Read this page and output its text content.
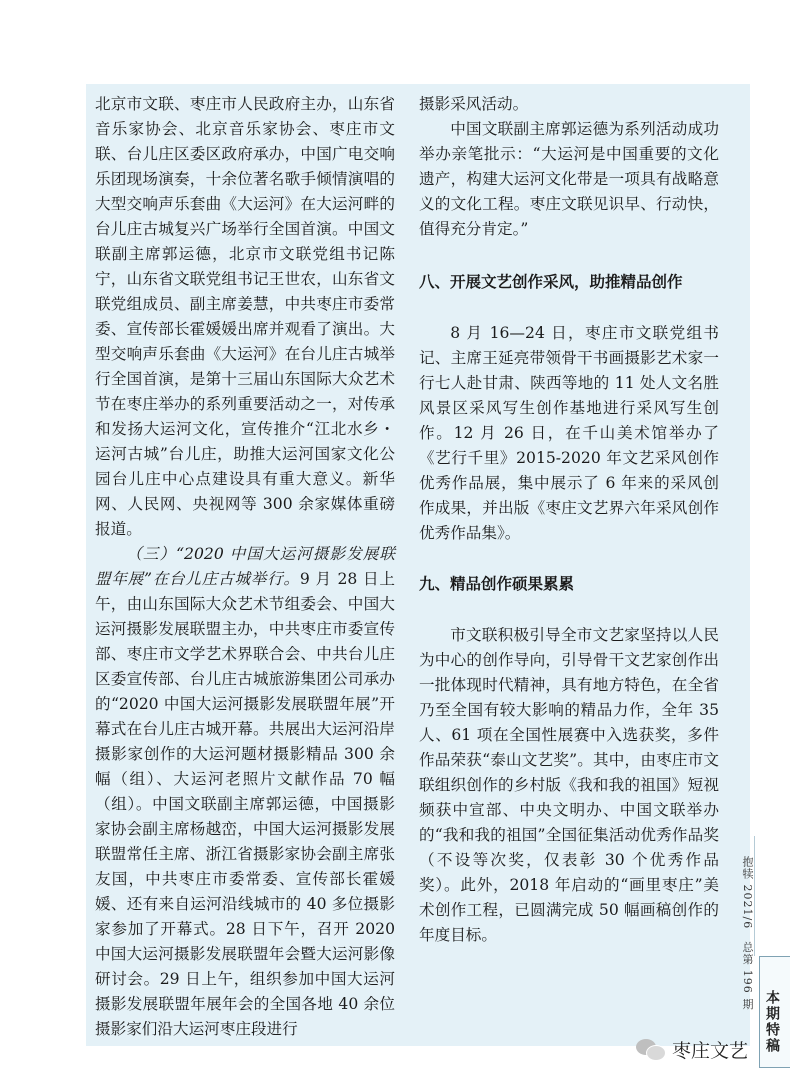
北京市文联、枣庄市人民政府主办，山东省音乐家协会、北京音乐家协会、枣庄市文联、台儿庄区委区政府承办，中国广电交响乐团现场演奏，十余位著名歌手倾情演唱的大型交响声乐套曲《大运河》在大运河畔的台儿庄古城复兴广场举行全国首演。中国文联副主席郭运德，北京市文联党组书记陈宁，山东省文联党组书记王世农，山东省文联党组成员、副主席姜慧，中共枣庄市委常委、宣传部长霍媛媛出席并观看了演出。大型交响声乐套曲《大运河》在台儿庄古城举行全国首演，是第十三届山东国际大众艺术节在枣庄举办的系列重要活动之一，对传承和发扬大运河文化，宣传推介“江北水乡・运河古城”台儿庄，助推大运河国家文化公园台儿庄中心点建设具有重大意义。新华网、人民网、央视网等 300 余家媒体重磅报道。

（三）“2020 中国大运河摄影发展联盟年展”在台儿庄古城举行。9 月 28 日上午，由山东国际大众艺术节组委会、中国大运河摄影发展联盟主办，中共枣庄市委宣传部、枣庄市文学艺术界联合会、中共台儿庄区委宣传部、台儿庄古城旅游集团公司承办的“2020 中国大运河摄影发展联盟年展”开幕式在台儿庄古城开幕。共展出大运河沿岸摄影家创作的大运河题材摄影精品 300 余幅（组）、大运河老照片文献作品 70 幅（组）。中国文联副主席郭运德，中国摄影家协会副主席杨越峦，中国大运河摄影发展联盟常任主席、浙江省摄影家协会副主席张友国，中共枣庄市委常委、宣传部长霍媛媛、还有来自运河沿线城市的 40 多位摄影家参加了开幕式。28 日下午，召开 2020 中国大运河摄影发展联盟年会暨大运河影像研讨会。29 日上午，组织参加中国大运河摄影发展联盟年展年会的全国各地 40 余位摄影家们沿大运河枣庄段进行

摄影采风活动。

中国文联副主席郭运德为系列活动成功举办亲笔批示：“大运河是中国重要的文化遗产，构建大运河文化带是一项具有战略意义的文化工程。枣庄文联见识早、行动快，值得充分肯定。”

八、开展文艺创作采风，助推精品创作

8 月 16—24 日，枣庄市文联党组书记、主席王延亮带领骨干书画摄影艺术家一行七人赴甘肃、陕西等地的 11 处人文名胜风景区采风写生创作基地进行采风写生创作。12 月 26 日，在千山美术馆举办了《艺行千里》2015-2020 年文艺采风创作优秀作品展，集中展示了 6 年来的采风创作成果，并出版《枣庄文艺界六年采风创作优秀作品集》。

九、精品创作硕果累累

市文联积极引导全市文艺家坚持以人民为中心的创作导向，引导骨干文艺家创作出一批体现时代精神，具有地方特色，在全省乃至全国有较大影响的精品力作，全年 35 人、61 项在全国性展赛中入选获奖，多件作品荣获“泰山文艺奖”。其中，由枣庄市文联组织创作的乡村版《我和我的祖国》短视频获中宣部、中央文明办、中国文联举办的“我和我的祖国”全国征集活动优秀作品奖（不设等次奖，仅表彰 30 个优秀作品奖）。此外，2018 年启动的“画里枣庄”美术创作工程，已圆满完成 50 幅画稿创作的年度目标。	抱犊 2021/6　总第 196 期
本期特稿
枣庄文艺
